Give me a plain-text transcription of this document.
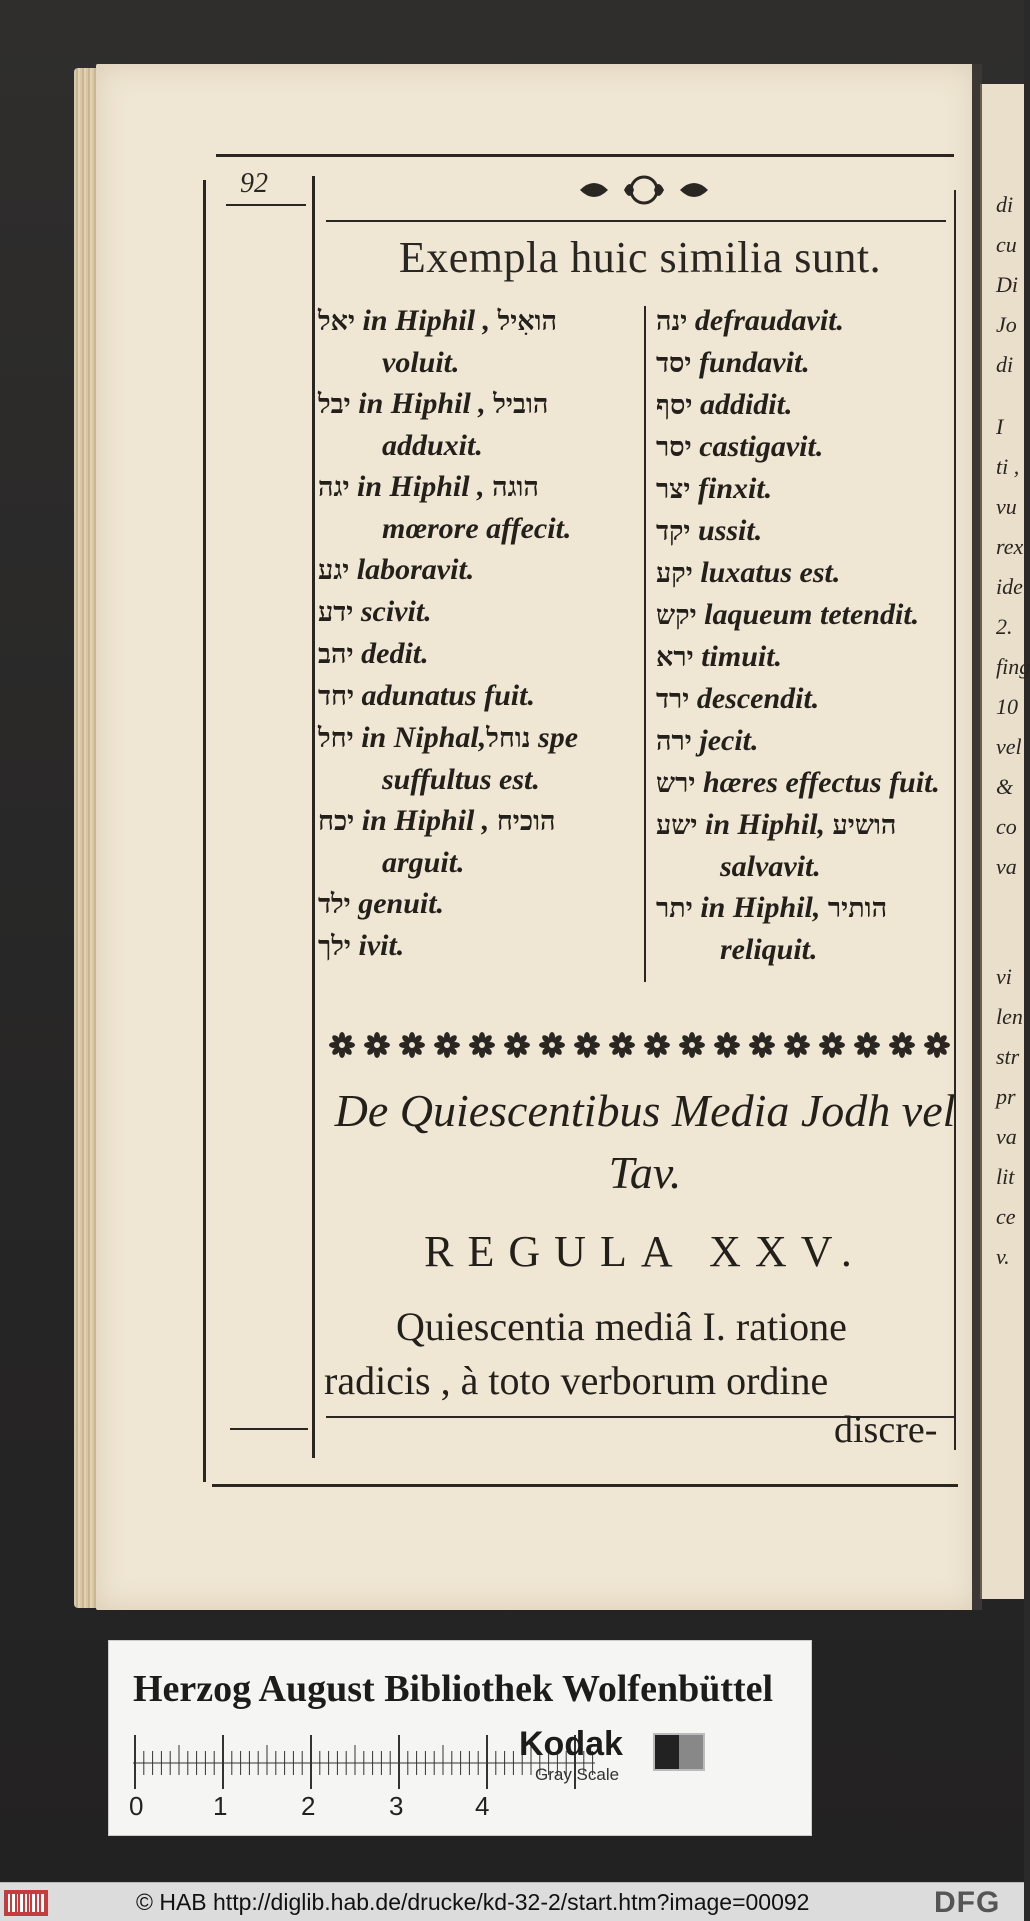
di
cu
Di
Jo
di
I
ti ,
vu
rex
ide
2.
fing
10
vel
&
co
va
vi
len
str
pr
va
lit
ce
v.
92
Exempla huic similia sunt.
יאל in Hiphil , הואִיל
voluit.
יבל in Hiphil , הוביל
adduxit.
יגה in Hiphil , הוגה
mœrore affecit.
יגע laboravit.
ידע scivit.
יהב dedit.
יחד adunatus fuit.
יחל in Niphal,נוחל spe
suffultus est.
יכח in Hiphil , הוכיח
arguit.
ילד genuit.
ילך ivit.
ינה defraudavit.
יסד fundavit.
יסף addidit.
יסר castigavit.
יצר finxit.
יקד ussit.
יקע luxatus est.
יקש laqueum tetendit.
ירא timuit.
ירד descendit.
ירה jecit.
ירש hæres effectus fuit.
ישע in Hiphil, הושיע
salvavit.
יתר in Hiphil, הותיר
reliquit.
De Quiescentibus Media Jodh vel Tav.
REGULA XXV.
Quiescentia mediâ I. ratione
radicis , à toto verborum ordine
discre-
Herzog August Bibliothek Wolfenbüttel
0	1	2	3	4
Kodak
Gray Scale
© HAB http://diglib.hab.de/drucke/kd-32-2/start.htm?image=00092	DFG
